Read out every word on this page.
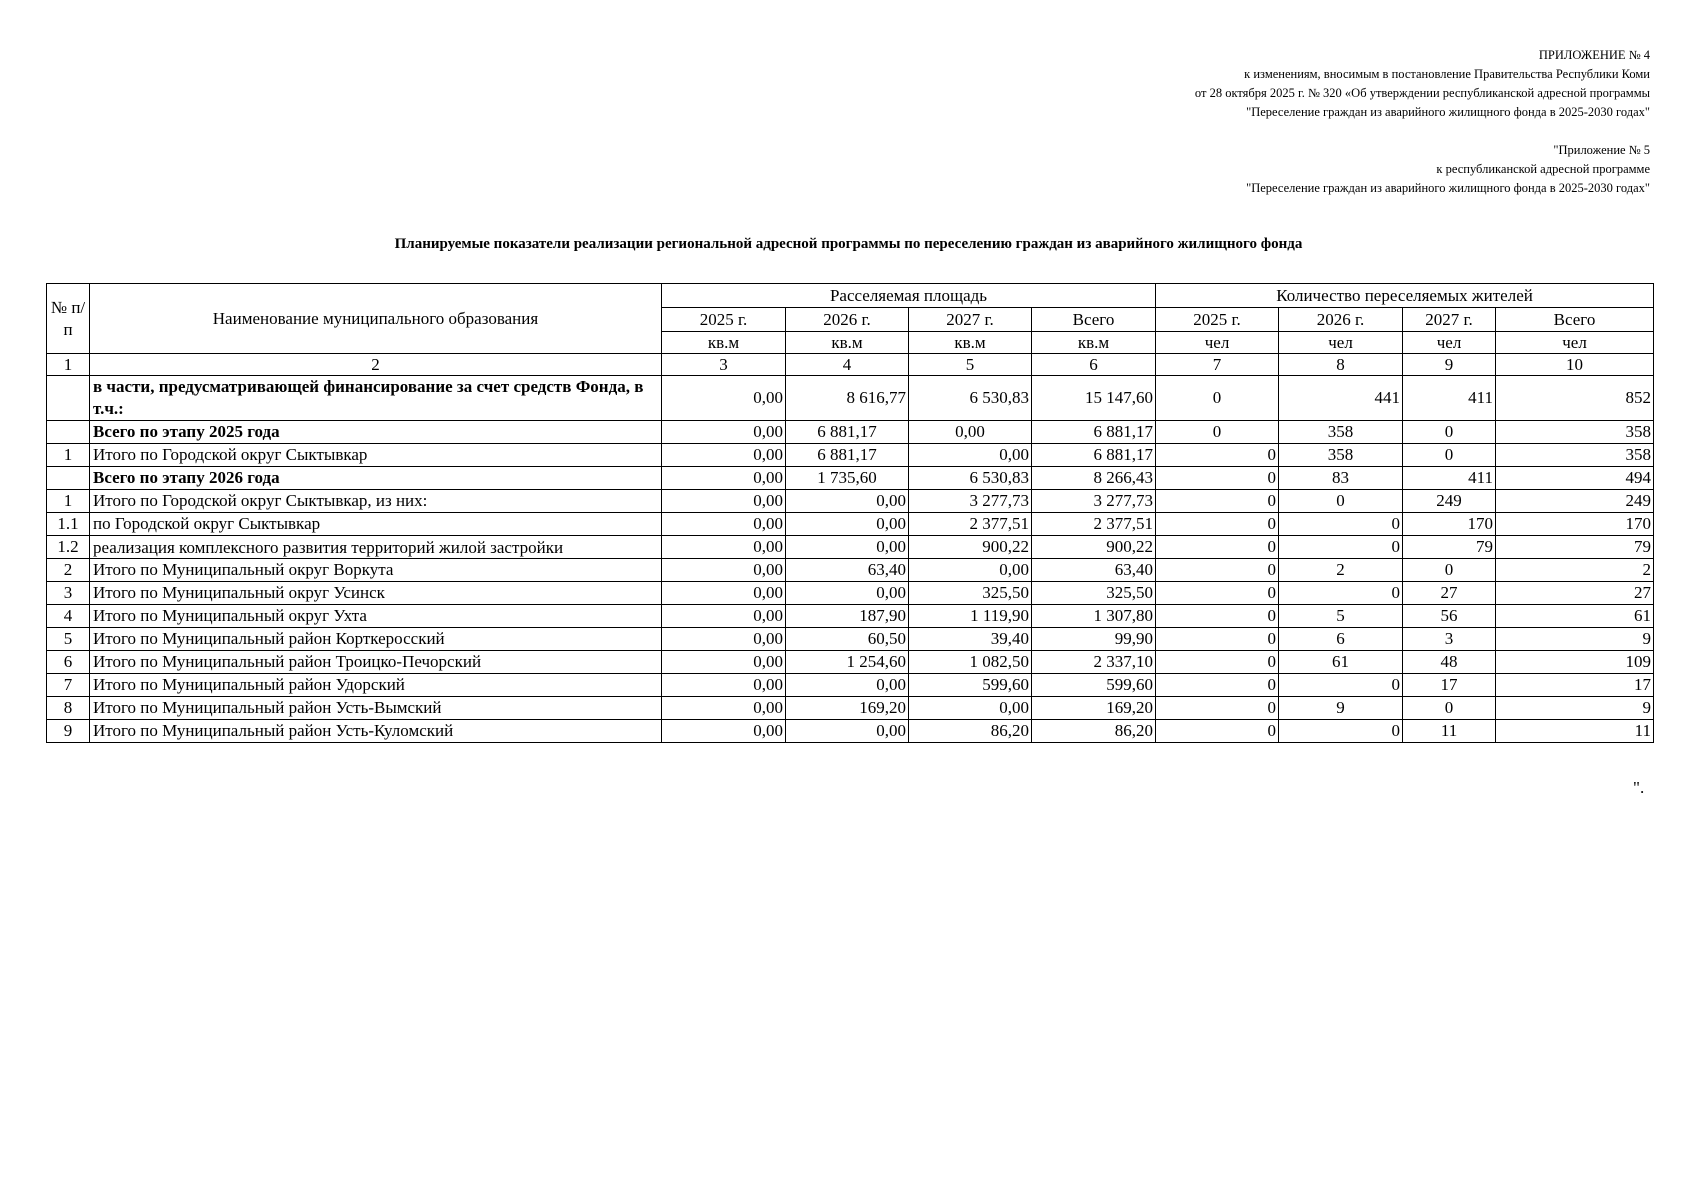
ПРИЛОЖЕНИЕ № 4
к изменениям, вносимым в постановление Правительства Республики Коми
от 28 октября 2025 г. № 320 «Об утверждении республиканской адресной программы
"Переселение граждан из аварийного жилищного фонда в 2025-2030 годах"
"Приложение № 5
к республиканской адресной программе
"Переселение граждан из аварийного жилищного фонда в 2025-2030 годах"
Планируемые показатели реализации региональной адресной программы по переселению граждан из аварийного жилищного фонда
№ п/п	Наименование муниципального образования	Расселяемая площадь				Количество переселяемых жителей			
		2025 г.	2026 г.	2027 г.	Всего	2025 г.	2026 г.	2027 г.	Всего
		кв.м	кв.м	кв.м	кв.м	чел	чел	чел	чел
1	2	3	4	5	6	7	8	9	10
	в части, предусматривающей финансирование за счет средств Фонда, в т.ч.:	0,00	8 616,77	6 530,83	15 147,60	0	441	411	852
	Всего по этапу 2025 года	0,00	6 881,17	0,00	6 881,17	0	358	0	358
1	Итого по Городской округ Сыктывкар	0,00	6 881,17	0,00	6 881,17	0	358	0	358
	Всего по этапу 2026 года	0,00	1 735,60	6 530,83	8 266,43	0	83	411	494
1	Итого по Городской округ Сыктывкар, из них:	0,00	0,00	3 277,73	3 277,73	0	0	249	249
1.1	по Городской округ Сыктывкар	0,00	0,00	2 377,51	2 377,51	0	0	170	170
1.2	реализация комплексного развития территорий жилой застройки	0,00	0,00	900,22	900,22	0	0	79	79
2	Итого по Муниципальный округ Воркута	0,00	63,40	0,00	63,40	0	2	0	2
3	Итого по Муниципальный округ Усинск	0,00	0,00	325,50	325,50	0	0	27	27
4	Итого по Муниципальный округ Ухта	0,00	187,90	1 119,90	1 307,80	0	5	56	61
5	Итого по Муниципальный район Корткеросский	0,00	60,50	39,40	99,90	0	6	3	9
6	Итого по Муниципальный район Троицко-Печорский	0,00	1 254,60	1 082,50	2 337,10	0	61	48	109
7	Итого по Муниципальный район Удорский	0,00	0,00	599,60	599,60	0	0	17	17
8	Итого по Муниципальный район Усть-Вымский	0,00	169,20	0,00	169,20	0	9	0	9
9	Итого по Муниципальный район Усть-Куломский	0,00	0,00	86,20	86,20	0	0	11	11
".
